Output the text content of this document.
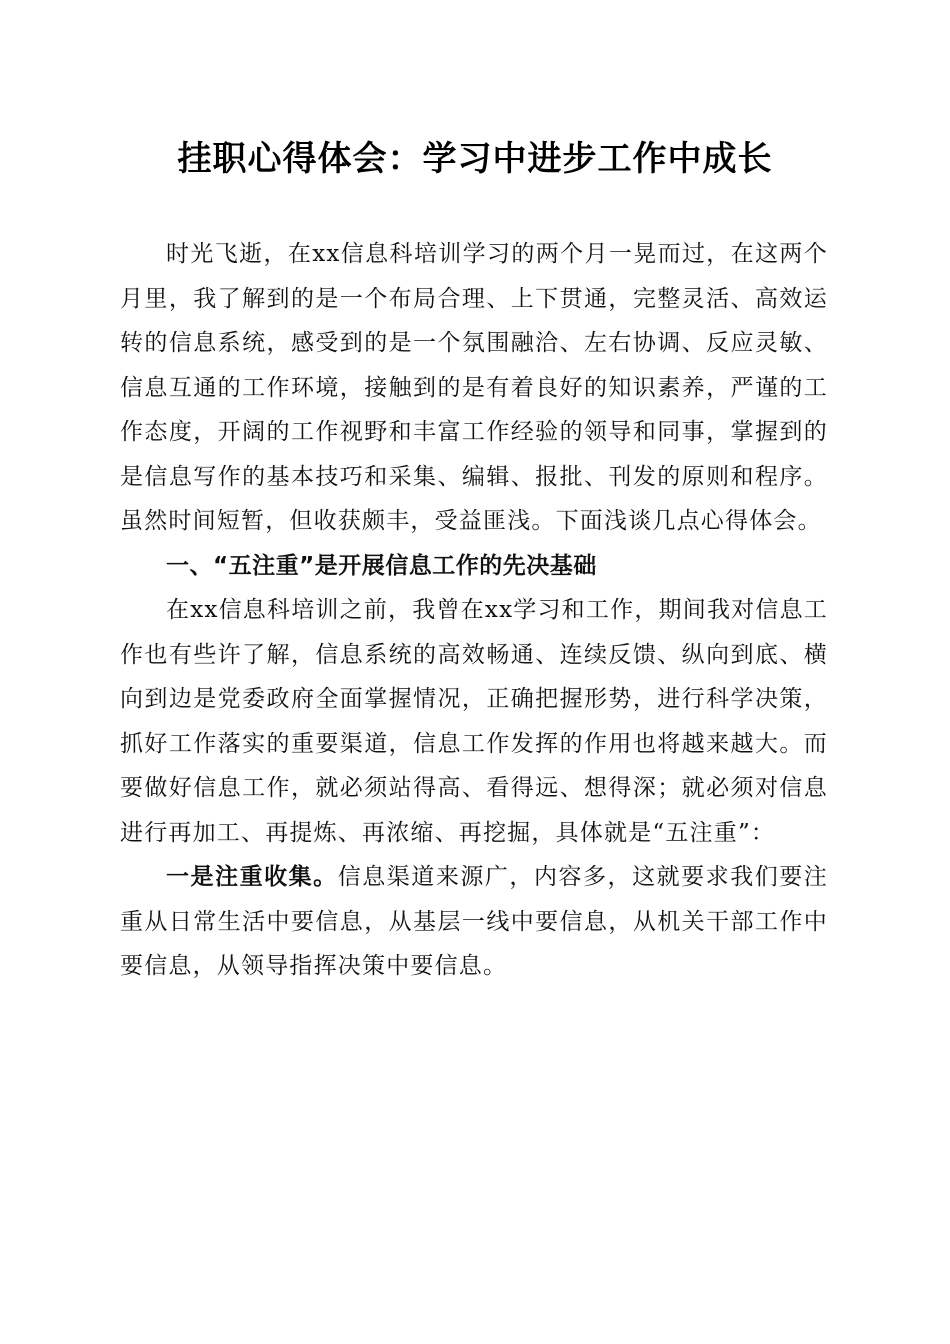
挂职心得体会：学习中进步工作中成长

时光飞逝，在xx信息科培训学习的两个月一晃而过，在这两个月里，我了解到的是一个布局合理、上下贯通，完整灵活、高效运转的信息系统，感受到的是一个氛围融洽、左右协调、反应灵敏、信息互通的工作环境，接触到的是有着良好的知识素养，严谨的工作态度，开阔的工作视野和丰富工作经验的领导和同事，掌握到的是信息写作的基本技巧和采集、编辑、报批、刊发的原则和程序。虽然时间短暂，但收获颇丰，受益匪浅。下面浅谈几点心得体会。

一、“五注重”是开展信息工作的先决基础

在xx信息科培训之前，我曾在xx学习和工作，期间我对信息工作也有些许了解，信息系统的高效畅通、连续反馈、纵向到底、横向到边是党委政府全面掌握情况，正确把握形势，进行科学决策，抓好工作落实的重要渠道，信息工作发挥的作用也将越来越大。而要做好信息工作，就必须站得高、看得远、想得深；就必须对信息进行再加工、再提炼、再浓缩、再挖掘，具体就是“五注重”：

一是注重收集。信息渠道来源广，内容多，这就要求我们要注重从日常生活中要信息，从基层一线中要信息，从机关干部工作中要信息，从领导指挥决策中要信息。
